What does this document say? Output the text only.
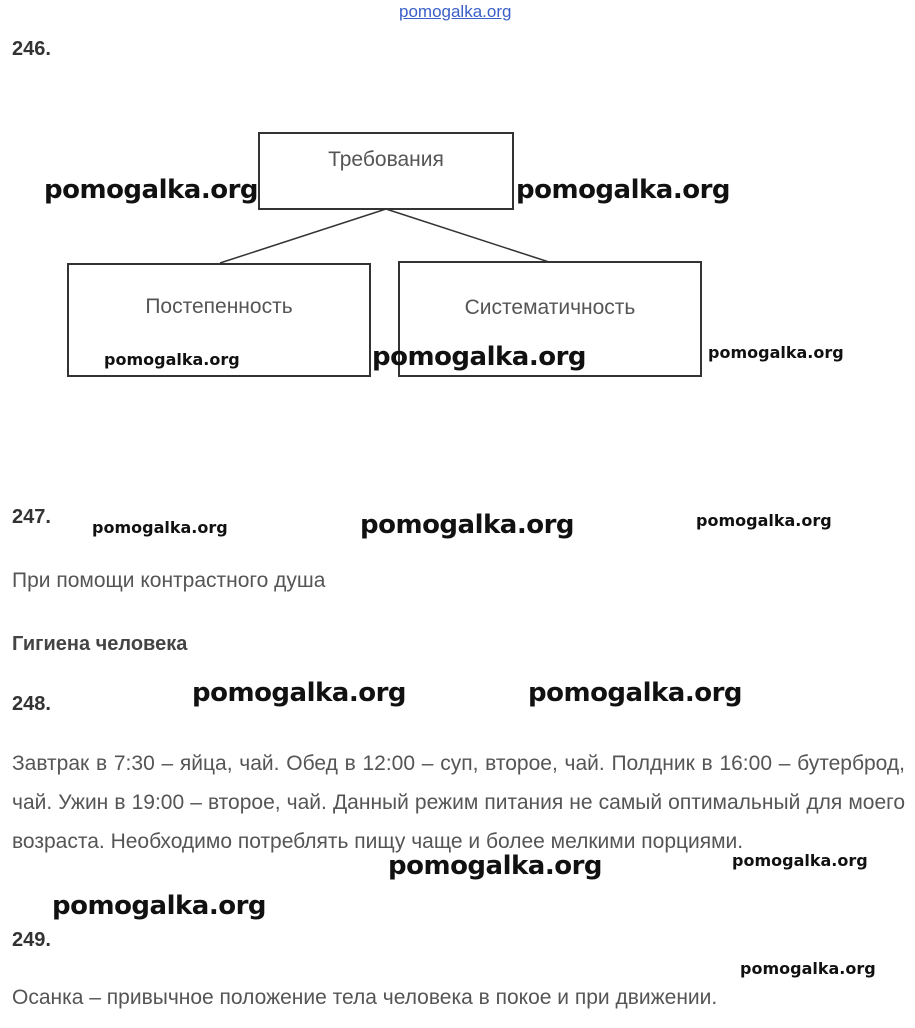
pomogalka.org
246.
Требования
Постепенность	Систематичность
pomogalka.org	pomogalka.org
pomogalka.org	pomogalka.org	pomogalka.org
247.	pomogalka.org	pomogalka.org	pomogalka.org
При помощи контрастного душа
Гигиена человека
248.	pomogalka.org	pomogalka.org
Завтрак в 7:30 – яйца, чай. Обед в 12:00 – суп, второе, чай. Полдник в 16:00 – бутерброд, чай. Ужин в 19:00 – второе, чай. Данный режим питания не самый оптимальный для моего возраста. Необходимо потреблять пищу чаще и более мелкими порциями.
pomogalka.org	pomogalka.org
pomogalka.org
249.
pomogalka.org
Осанка – привычное положение тела человека в покое и при движении.
